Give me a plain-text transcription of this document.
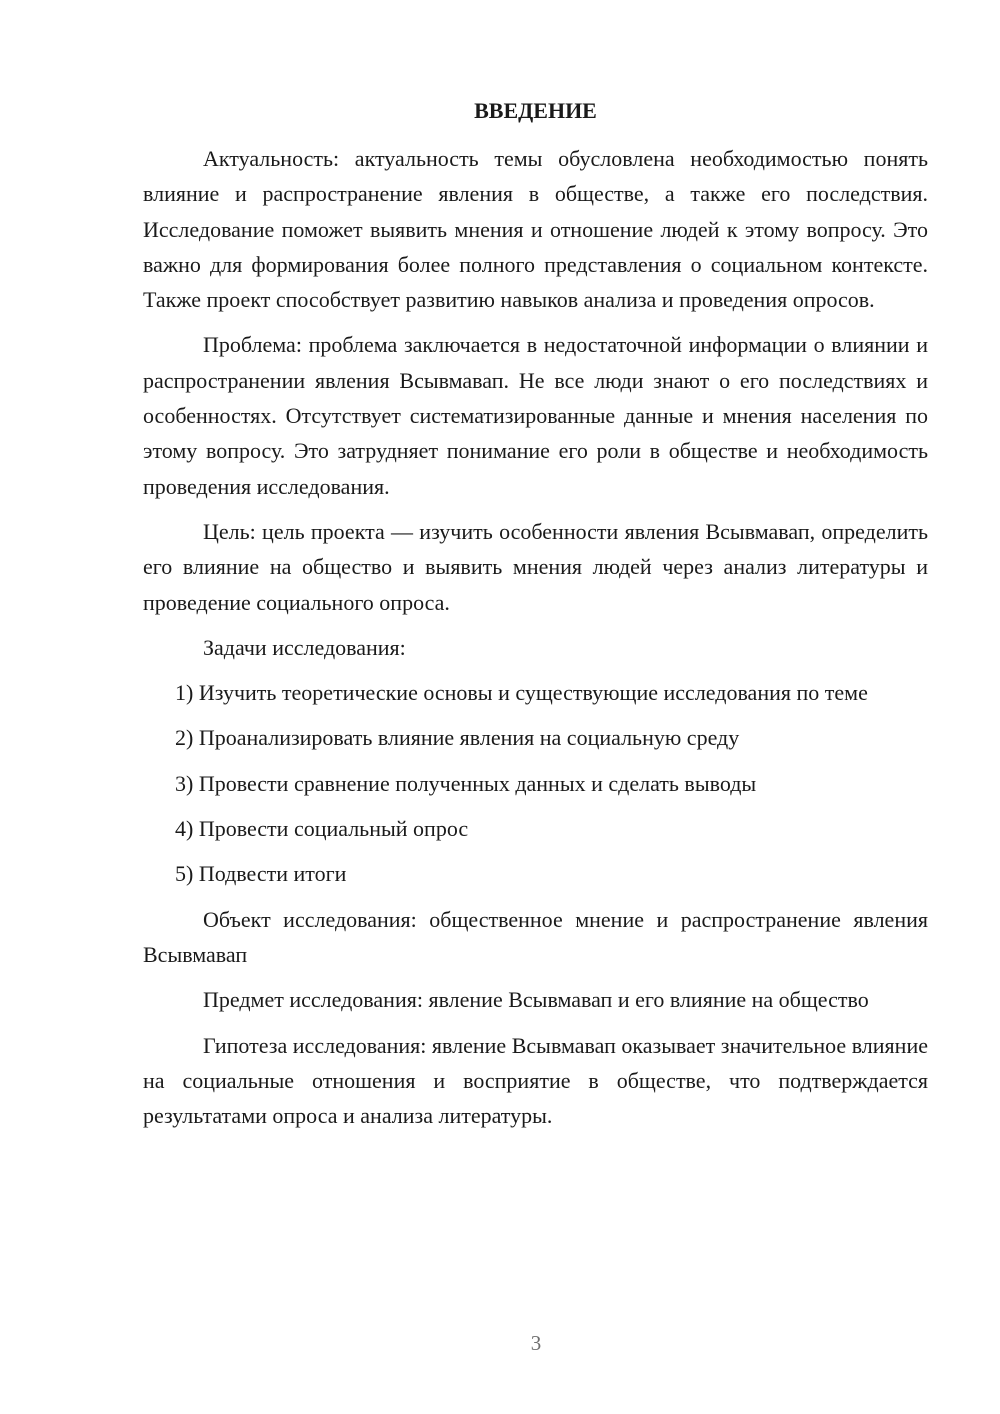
ВВЕДЕНИЕ

Актуальность: актуальность темы обусловлена необходимостью понять влияние и распространение явления в обществе, а также его последствия. Исследование поможет выявить мнения и отношение людей к этому вопросу. Это важно для формирования более полного представления о социальном контексте. Также проект способствует развитию навыков анализа и проведения опросов.

Проблема: проблема заключается в недостаточной информации о влиянии и распространении явления Всывмавап. Не все люди знают о его последствиях и особенностях. Отсутствует систематизированные данные и мнения населения по этому вопросу. Это затрудняет понимание его роли в обществе и необходимость проведения исследования.

Цель: цель проекта — изучить особенности явления Всывмавап, определить его влияние на общество и выявить мнения людей через анализ литературы и проведение социального опроса.

Задачи исследования:

1) Изучить теоретические основы и существующие исследования по теме

2) Проанализировать влияние явления на социальную среду

3) Провести сравнение полученных данных и сделать выводы

4) Провести социальный опрос

5) Подвести итоги

Объект исследования: общественное мнение и распространение явления Всывмавап

Предмет исследования: явление Всывмавап и его влияние на общество

Гипотеза исследования: явление Всывмавап оказывает значительное влияние на социальные отношения и восприятие в обществе, что подтверждается результатами опроса и анализа литературы.

3
